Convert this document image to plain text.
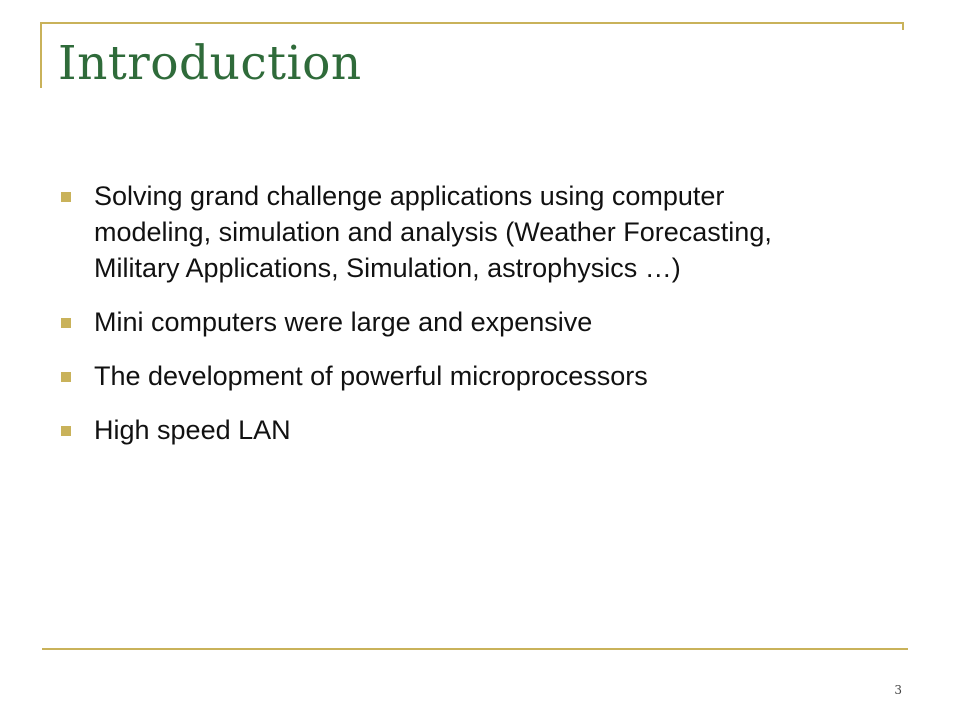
Introduction
Solving grand challenge applications using computer modeling, simulation and analysis (Weather Forecasting, Military Applications, Simulation, astrophysics …)
Mini computers were large and expensive
The development of powerful microprocessors
High speed LAN
3
